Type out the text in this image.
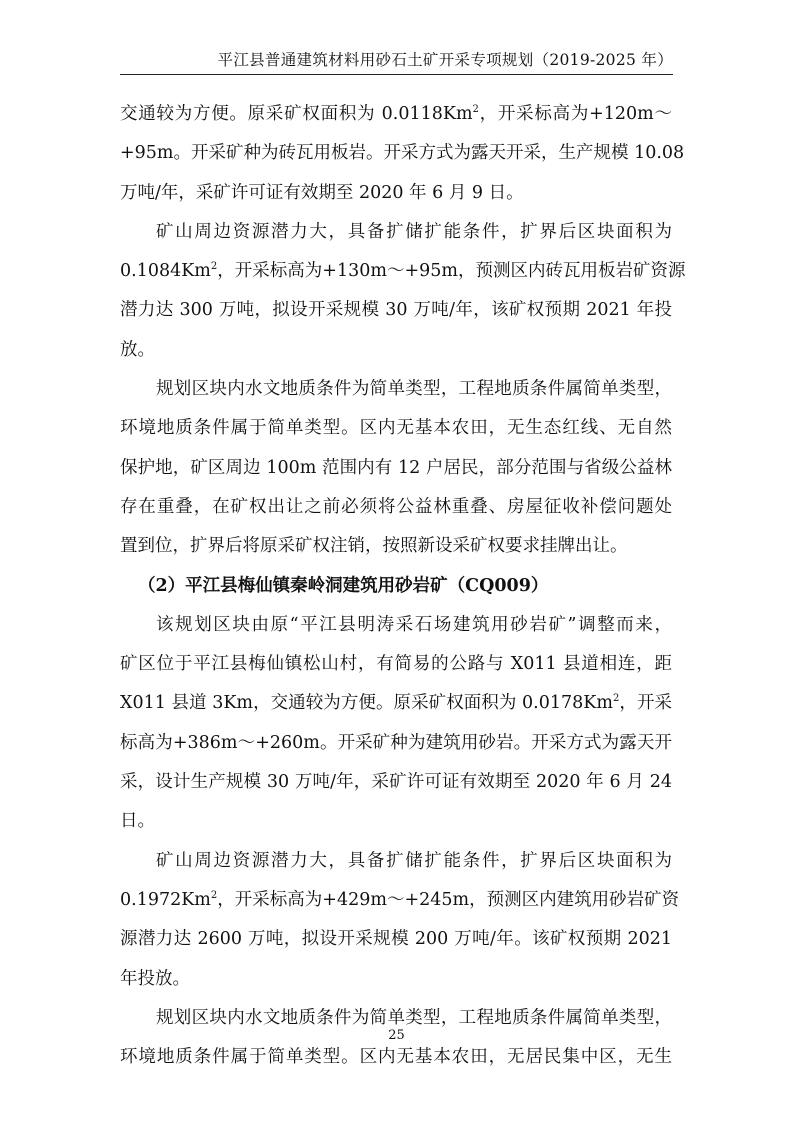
平江县普通建筑材料用砂石土矿开采专项规划（2019-2025 年）
交通较为方便。原采矿权面积为 0.0118Km$^2$，开采标高为+120m～
+95m。开采矿种为砖瓦用板岩。开采方式为露天开采，生产规模 10.08
万吨/年，采矿许可证有效期至 2020 年 6 月 9 日。
矿山周边资源潜力大，具备扩储扩能条件，扩界后区块面积为
0.1084Km$^2$，开采标高为+130m～+95m，预测区内砖瓦用板岩矿资源
潜力达 300 万吨，拟设开采规模 30 万吨/年，该矿权预期 2021 年投
放。
规划区块内水文地质条件为简单类型，工程地质条件属简单类型，
环境地质条件属于简单类型。区内无基本农田，无生态红线、无自然
保护地，矿区周边 100m 范围内有 12 户居民，部分范围与省级公益林
存在重叠，在矿权出让之前必须将公益林重叠、房屋征收补偿问题处
置到位，扩界后将原采矿权注销，按照新设采矿权要求挂牌出让。
（2）平江县梅仙镇秦岭洞建筑用砂岩矿（CQ009）
该规划区块由原“平江县明涛采石场建筑用砂岩矿”调整而来，
矿区位于平江县梅仙镇松山村，有简易的公路与 X011 县道相连，距
X011 县道 3Km，交通较为方便。原采矿权面积为 0.0178Km$^2$，开采
标高为+386m～+260m。开采矿种为建筑用砂岩。开采方式为露天开
采，设计生产规模 30 万吨/年，采矿许可证有效期至 2020 年 6 月 24
日。
矿山周边资源潜力大，具备扩储扩能条件，扩界后区块面积为
0.1972Km$^2$，开采标高为+429m～+245m，预测区内建筑用砂岩矿资
源潜力达 2600 万吨，拟设开采规模 200 万吨/年。该矿权预期 2021
年投放。
规划区块内水文地质条件为简单类型，工程地质条件属简单类型，
环境地质条件属于简单类型。区内无基本农田，无居民集中区，无生
25
